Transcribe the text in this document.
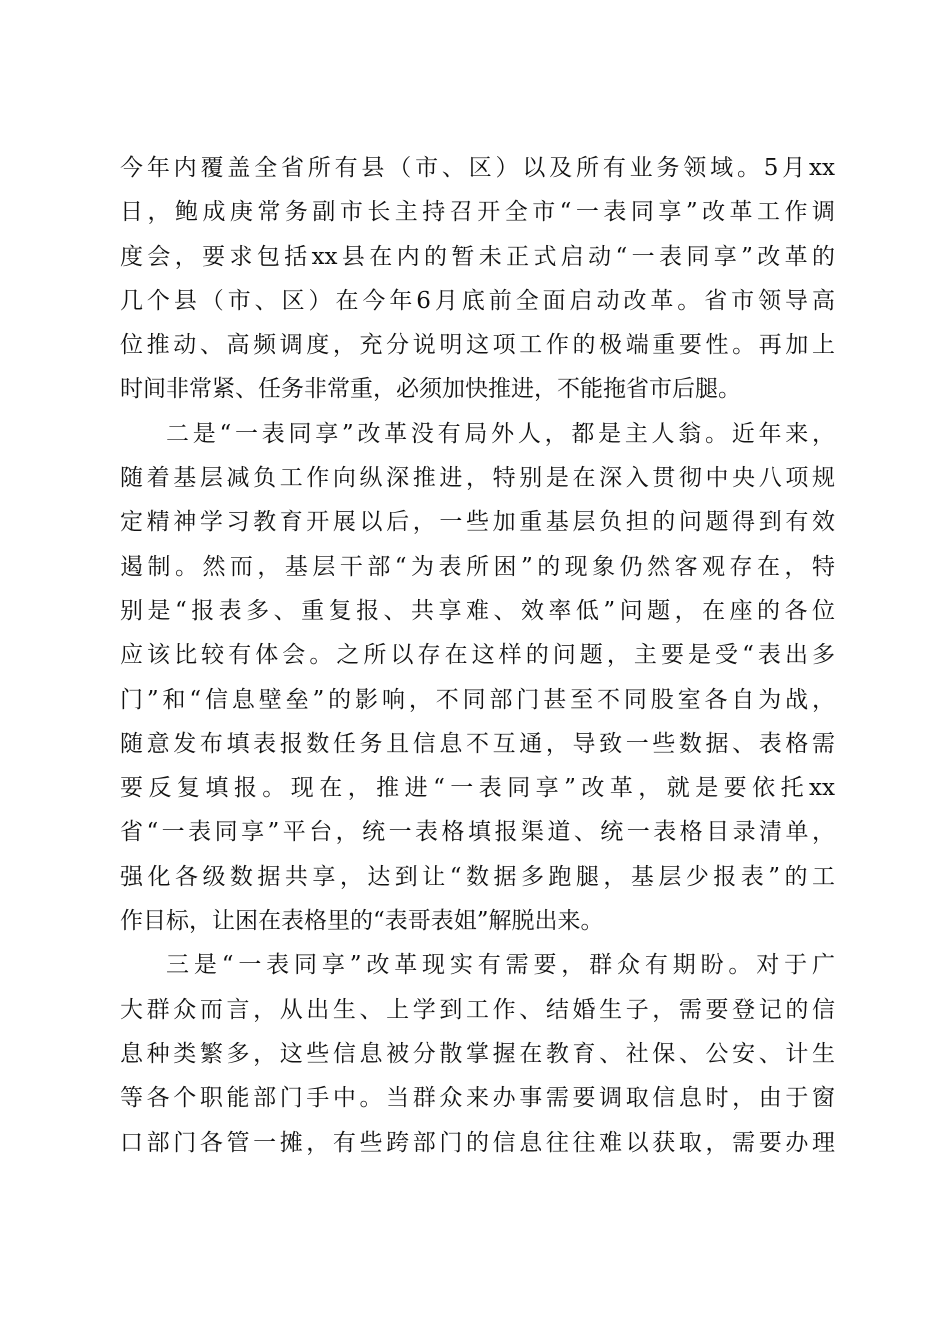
今年内覆盖全省所有县（市、区）以及所有业务领域。5月xx
日，鲍成庚常务副市长主持召开全市“一表同享”改革工作调
度会，要求包括xx县在内的暂未正式启动“一表同享”改革的
几个县（市、区）在今年6月底前全面启动改革。省市领导高
位推动、高频调度，充分说明这项工作的极端重要性。再加上
时间非常紧、任务非常重，必须加快推进，不能拖省市后腿。
二是“一表同享”改革没有局外人，都是主人翁。近年来，
随着基层减负工作向纵深推进，特别是在深入贯彻中央八项规
定精神学习教育开展以后，一些加重基层负担的问题得到有效
遏制。然而，基层干部“为表所困”的现象仍然客观存在，特
别是“报表多、重复报、共享难、效率低”问题，在座的各位
应该比较有体会。之所以存在这样的问题，主要是受“表出多
门”和“信息壁垒”的影响，不同部门甚至不同股室各自为战，
随意发布填表报数任务且信息不互通，导致一些数据、表格需
要反复填报。现在，推进“一表同享”改革，就是要依托xx
省“一表同享”平台，统一表格填报渠道、统一表格目录清单，
强化各级数据共享，达到让“数据多跑腿，基层少报表”的工
作目标，让困在表格里的“表哥表姐”解脱出来。
三是“一表同享”改革现实有需要，群众有期盼。对于广
大群众而言，从出生、上学到工作、结婚生子，需要登记的信
息种类繁多，这些信息被分散掌握在教育、社保、公安、计生
等各个职能部门手中。当群众来办事需要调取信息时，由于窗
口部门各管一摊，有些跨部门的信息往往难以获取，需要办理
